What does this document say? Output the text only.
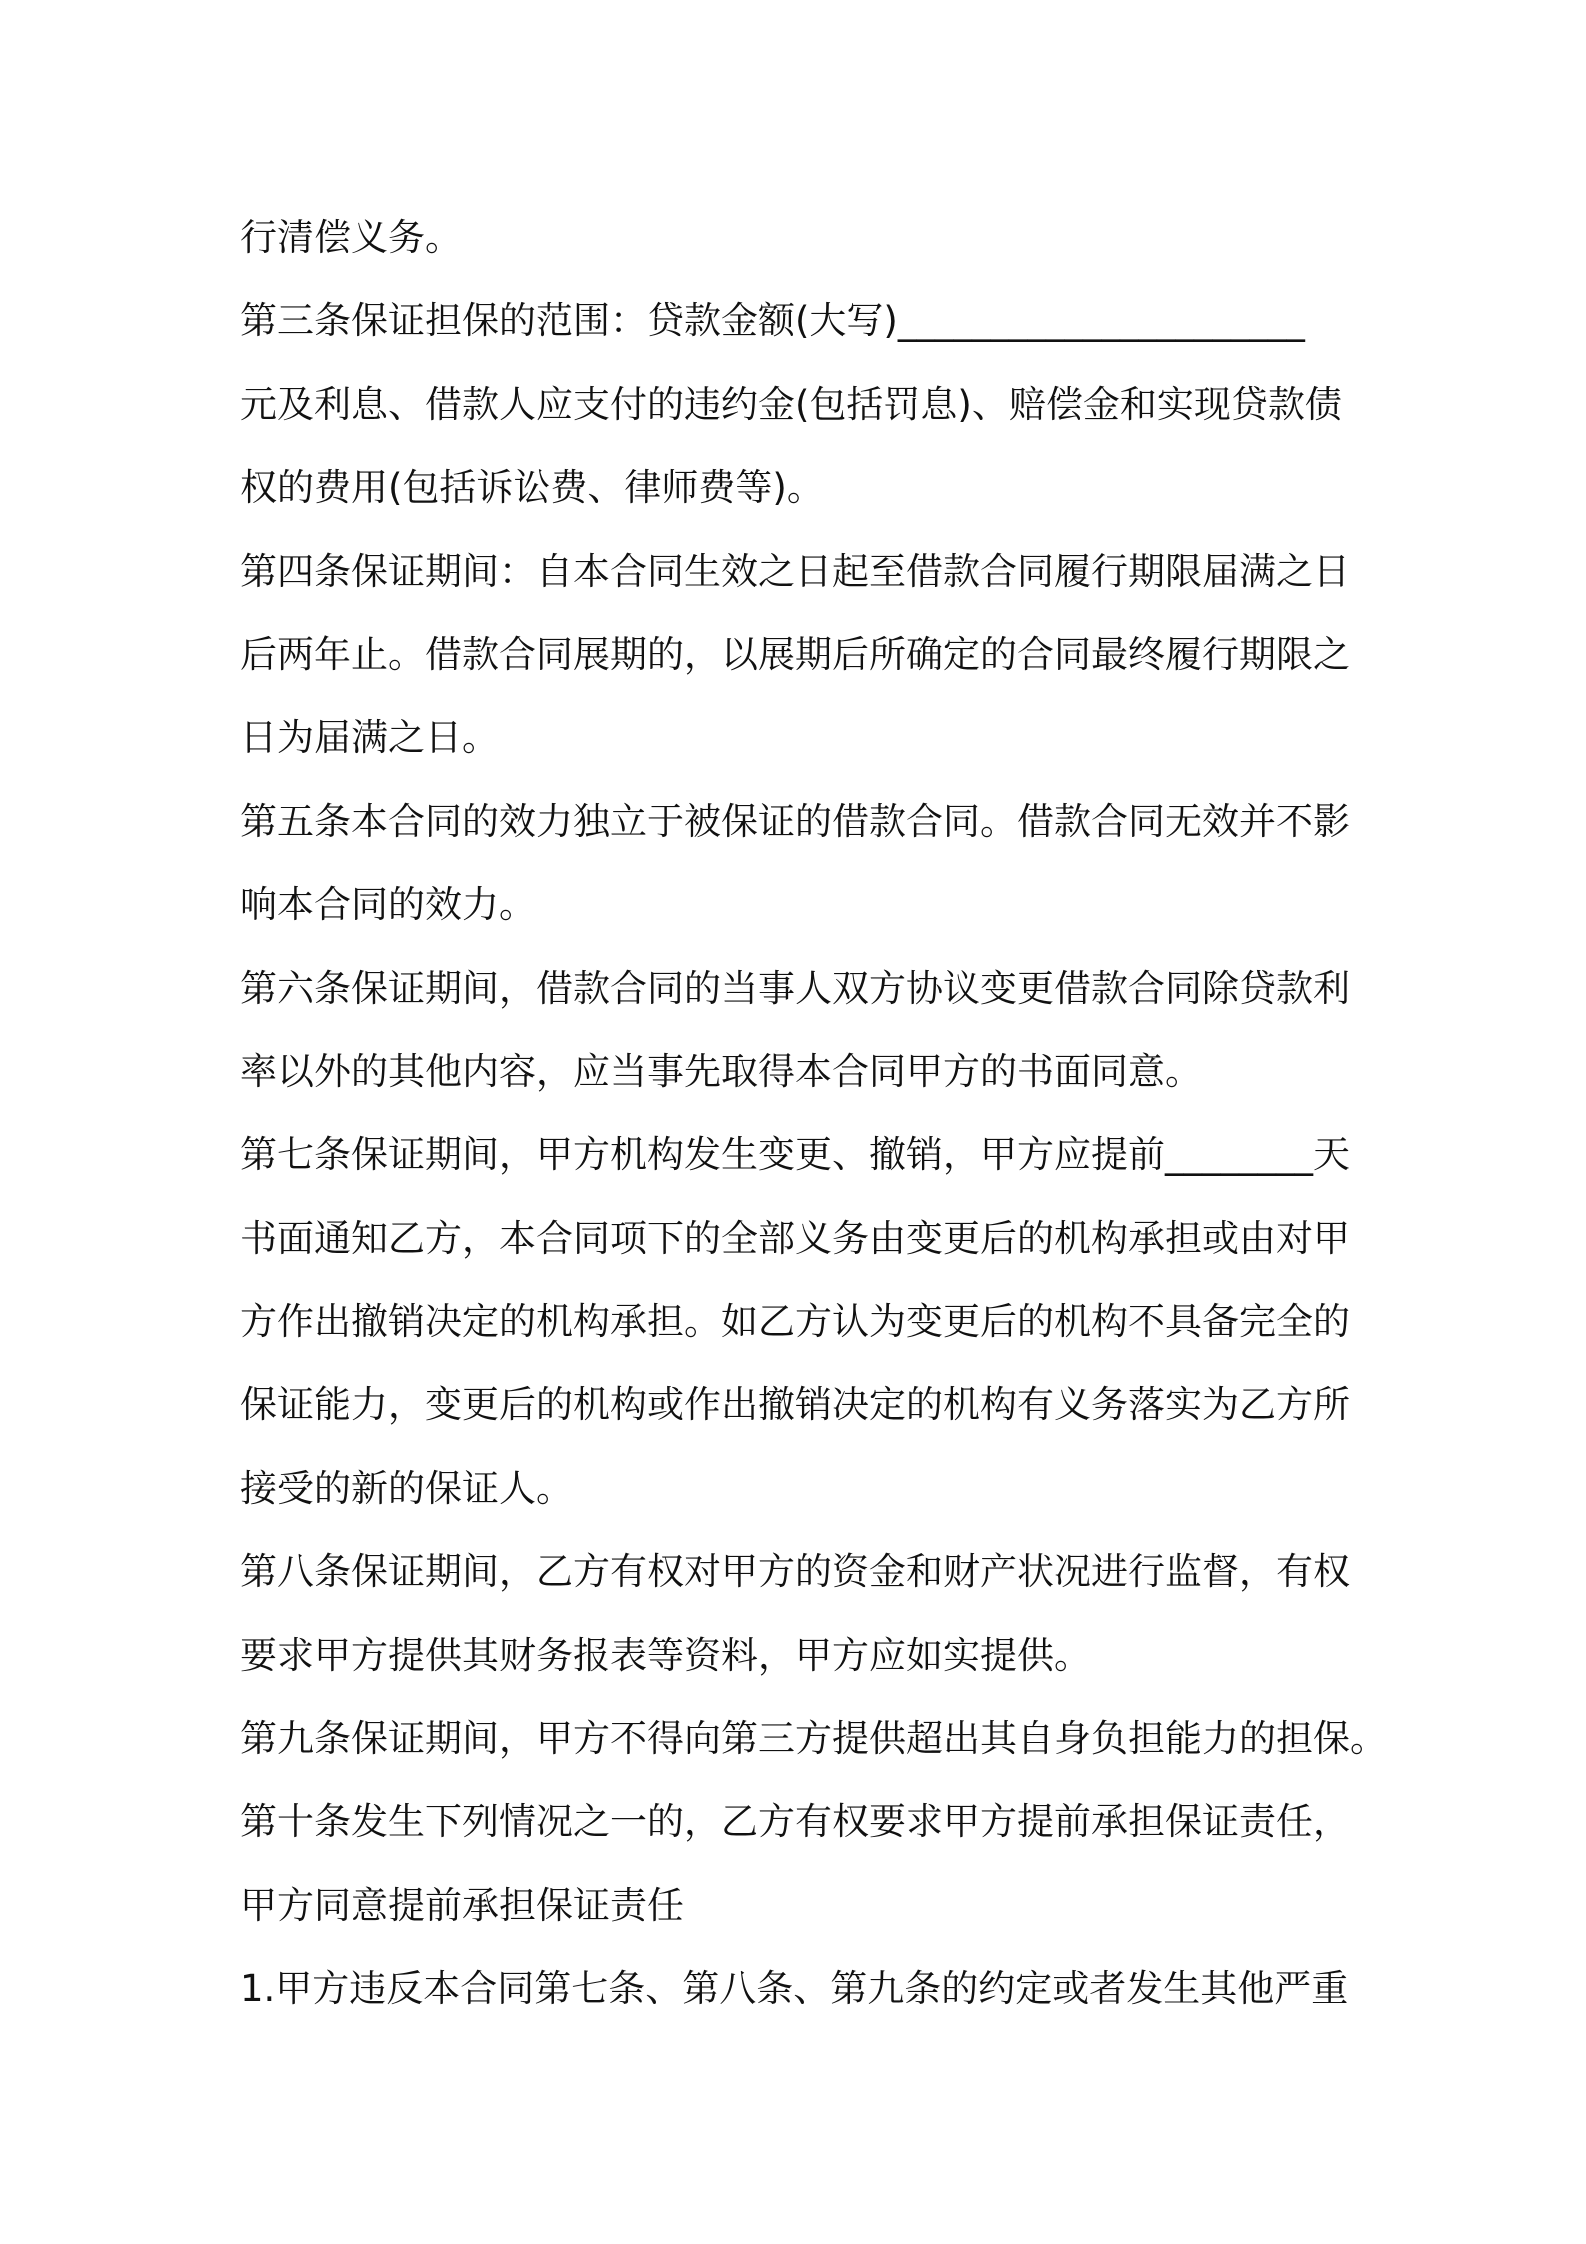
行清偿义务。
第三条保证担保的范围：贷款金额(大写)______________________
元及利息、借款人应支付的违约金(包括罚息)、赔偿金和实现贷款债
权的费用(包括诉讼费、律师费等)。
第四条保证期间：自本合同生效之日起至借款合同履行期限届满之日
后两年止。借款合同展期的，以展期后所确定的合同最终履行期限之
日为届满之日。
第五条本合同的效力独立于被保证的借款合同。借款合同无效并不影
响本合同的效力。
第六条保证期间，借款合同的当事人双方协议变更借款合同除贷款利
率以外的其他内容，应当事先取得本合同甲方的书面同意。
第七条保证期间，甲方机构发生变更、撤销，甲方应提前________天
书面通知乙方，本合同项下的全部义务由变更后的机构承担或由对甲
方作出撤销决定的机构承担。如乙方认为变更后的机构不具备完全的
保证能力，变更后的机构或作出撤销决定的机构有义务落实为乙方所
接受的新的保证人。
第八条保证期间，乙方有权对甲方的资金和财产状况进行监督，有权
要求甲方提供其财务报表等资料，甲方应如实提供。
第九条保证期间，甲方不得向第三方提供超出其自身负担能力的担保。
第十条发生下列情况之一的，乙方有权要求甲方提前承担保证责任，
甲方同意提前承担保证责任
1.甲方违反本合同第七条、第八条、第九条的约定或者发生其他严重
